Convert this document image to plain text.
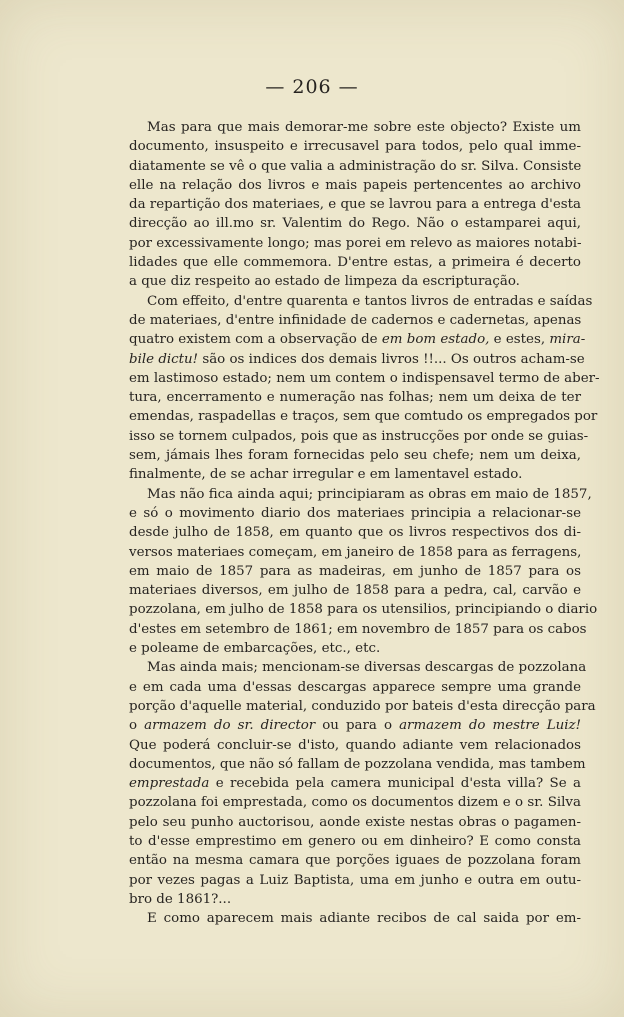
— 206 —
Mas para que mais demorar-me sobre este objecto? Existe um
documento, insuspeito e irrecusavel para todos, pelo qual imme-
diatamente se vê o que valia a administração do sr. Silva. Consiste
elle na relação dos livros e mais papeis pertencentes ao archivo
da repartição dos materiaes, e que se lavrou para a entrega d'esta
direcção ao ill.mo sr. Valentim do Rego. Não o estamparei aqui,
por excessivamente longo; mas porei em relevo as maiores notabi-
lidades que elle commemora. D'entre estas, a primeira é decerto
a que diz respeito ao estado de limpeza da escripturação.
Com effeito, d'entre quarenta e tantos livros de entradas e saídas
de materiaes, d'entre infinidade de cadernos e cadernetas, apenas
quatro existem com a observação de em bom estado, e estes, mira-
bile dictu! são os indices dos demais livros !!... Os outros acham-se
em lastimoso estado; nem um contem o indispensavel termo de aber-
tura, encerramento e numeração nas folhas; nem um deixa de ter
emendas, raspadellas e traços, sem que comtudo os empregados por
isso se tornem culpados, pois que as instrucções por onde se guias-
sem, jámais lhes foram fornecidas pelo seu chefe; nem um deixa,
finalmente, de se achar irregular e em lamentavel estado.
Mas não fica ainda aqui; principiaram as obras em maio de 1857,
e só o movimento diario dos materiaes principia a relacionar-se
desde julho de 1858, em quanto que os livros respectivos dos di-
versos materiaes começam, em janeiro de 1858 para as ferragens,
em maio de 1857 para as madeiras, em junho de 1857 para os
materiaes diversos, em julho de 1858 para a pedra, cal, carvão e
pozzolana, em julho de 1858 para os utensilios, principiando o diario
d'estes em setembro de 1861; em novembro de 1857 para os cabos
e poleame de embarcações, etc., etc.
Mas ainda mais; mencionam-se diversas descargas de pozzolana
e em cada uma d'essas descargas apparece sempre uma grande
porção d'aquelle material, conduzido por bateis d'esta direcção para
o armazem do sr. director ou para o armazem do mestre Luiz!
Que poderá concluir-se d'isto, quando adiante vem relacionados
documentos, que não só fallam de pozzolana vendida, mas tambem
emprestada e recebida pela camera municipal d'esta villa? Se a
pozzolana foi emprestada, como os documentos dizem e o sr. Silva
pelo seu punho auctorisou, aonde existe nestas obras o pagamen-
to d'esse emprestimo em genero ou em dinheiro? E como consta
então na mesma camara que porções iguaes de pozzolana foram
por vezes pagas a Luiz Baptista, uma em junho e outra em outu-
bro de 1861?...
E como aparecem mais adiante recibos de cal saida por em-
